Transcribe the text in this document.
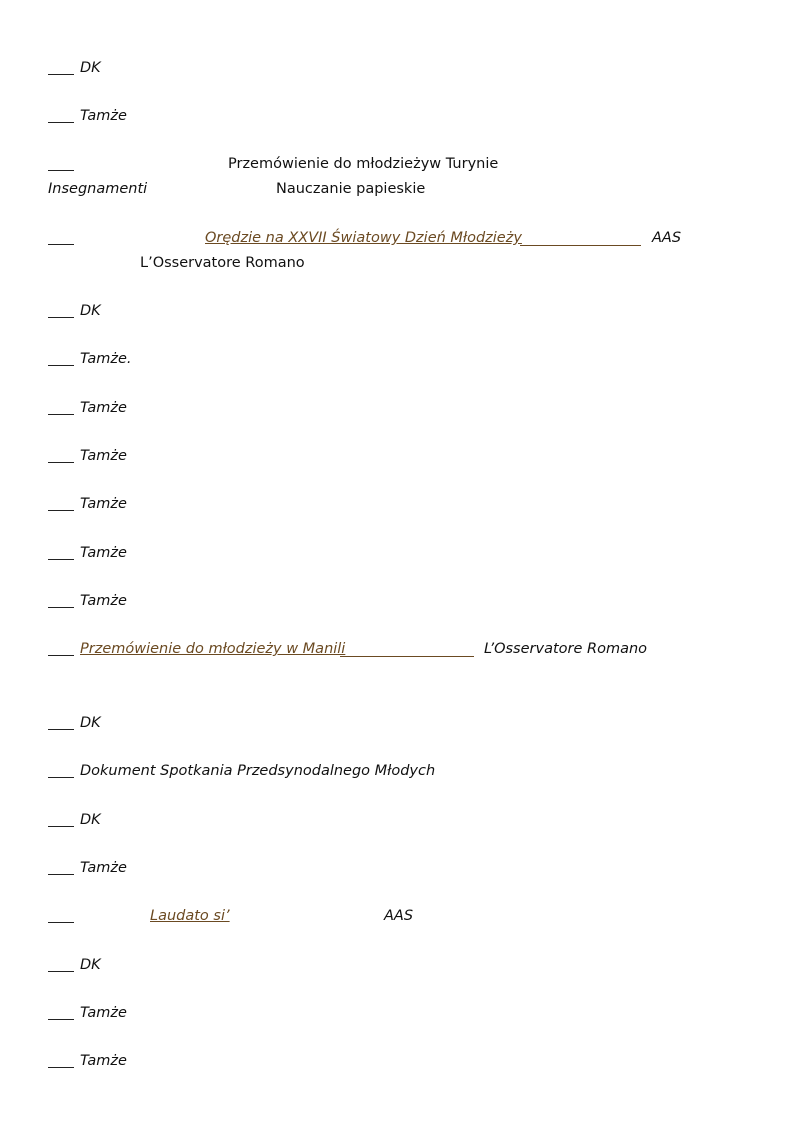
DK
Tamże
Przemówienie do młodzieżyw Turynie
Insegnamenti	Nauczanie papieskie
Orędzie na XXVII Światowy Dzień Młodzieży	AAS
L’Osservatore Romano
DK
Tamże.
Tamże
Tamże
Tamże
Tamże
Tamże
Przemówienie do młodzieży w Manili	L’Osservatore Romano
DK
Dokument Spotkania Przedsynodalnego Młodych
DK
Tamże
Laudato si’	AAS
DK
Tamże
Tamże
